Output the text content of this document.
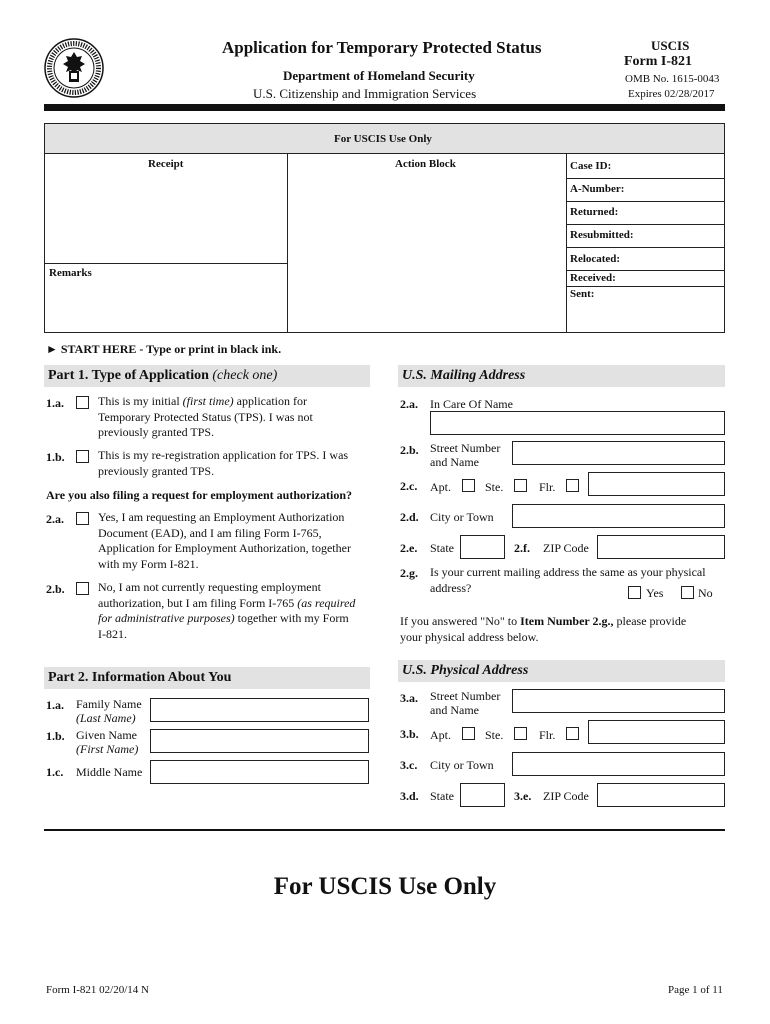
Application for Temporary Protected Status
Department of Homeland Security
U.S. Citizenship and Immigration Services
USCIS
Form I-821
OMB No. 1615-0043
Expires 02/28/2017
For USCIS Use Only
Receipt	Action Block
Remarks
Case ID:
A-Number:
Returned:
Resubmitted:
Relocated:
Received:
Sent:
► START HERE - Type or print in black ink.
Part 1. Type of Application (check one)
1.a.	This is my initial (first time) application for
Temporary Protected Status (TPS). I was not
previously granted TPS.
1.b.	This is my re-registration application for TPS. I was
previously granted TPS.
Are you also filing a request for employment authorization?
2.a.	Yes, I am requesting an Employment Authorization
Document (EAD), and I am filing Form I-765,
Application for Employment Authorization, together
with my Form I-821.
2.b.	No, I am not currently requesting employment
authorization, but I am filing Form I-765 (as required
for administrative purposes) together with my Form
I-821.
Part 2. Information About You
1.a. Family Name
(Last Name)
1.b. Given Name
(First Name)
1.c. Middle Name
U.S. Mailing Address
2.a. In Care Of Name
2.b. Street Number
and Name
2.c. Apt.	Ste.	Flr.
2.d. City or Town
2.e. State	2.f. ZIP Code
2.g. Is your current mailing address the same as your physical
address?	Yes	No
If you answered "No" to Item Number 2.g., please provide
your physical address below.
U.S. Physical Address
3.a. Street Number
and Name
3.b. Apt.	Ste.	Flr.
3.c. City or Town
3.d. State	3.e. ZIP Code
For USCIS Use Only
Form I-821 02/20/14 N	Page 1 of 11
